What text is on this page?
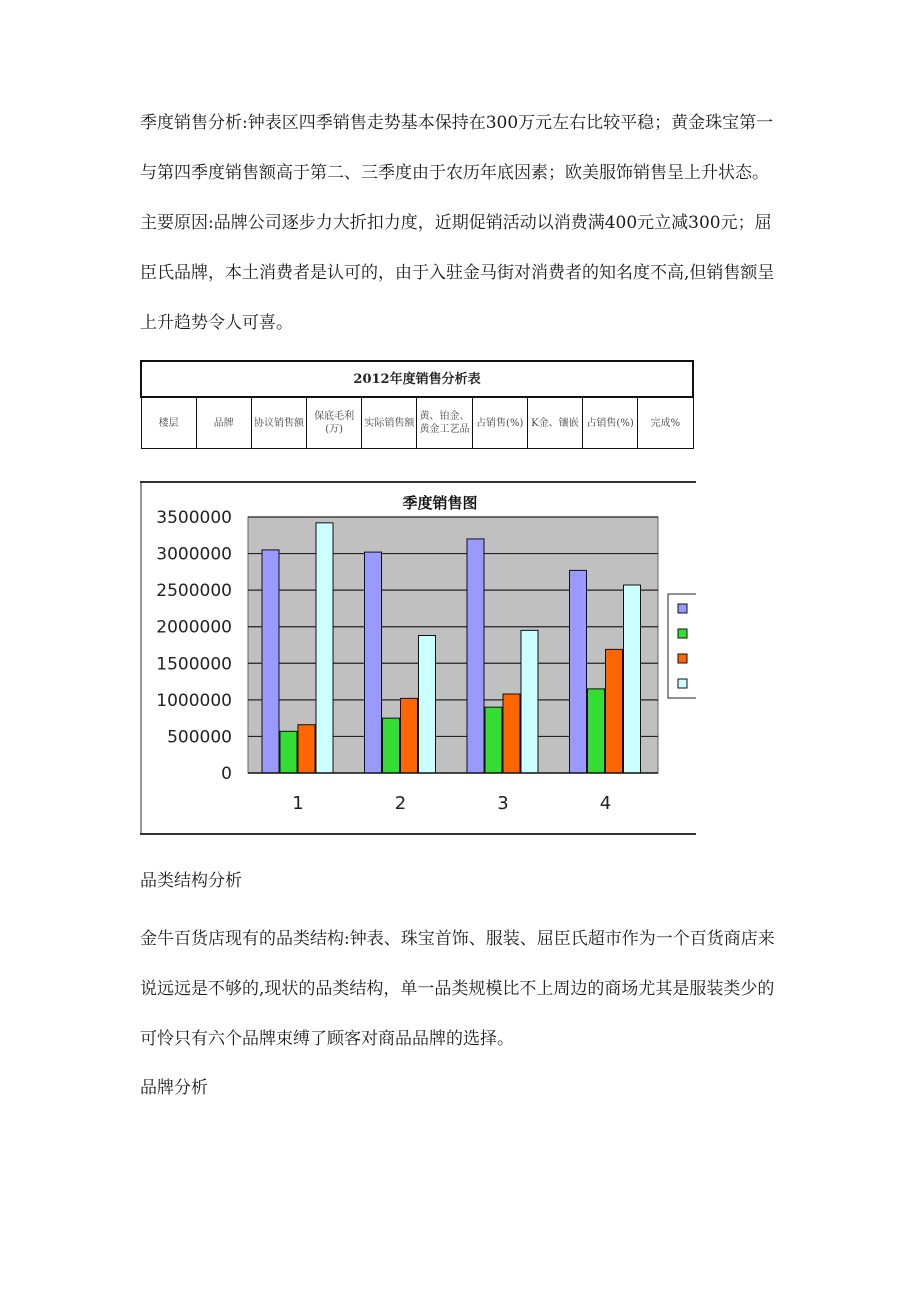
季度销售分析:钟表区四季销售走势基本保持在300万元左右比较平稳；黄金珠宝第一与第四季度销售额高于第二、三季度由于农历年底因素；欧美服饰销售呈上升状态。主要原因:品牌公司逐步力大折扣力度，近期促销活动以消费满400元立减300元；屈臣氏品牌，本土消费者是认可的，由于入驻金马街对消费者的知名度不高,但销售额呈上升趋势令人可喜。

2012年度销售分析表
楼层	品牌	协议销售额	保底毛利(万)	实际销售额	黄、铂金、黄金工艺品	占销售(%)	K金、镶嵌	占销售(%)	完成%
季度销售图
3500000
3000000
2500000
2000000
1500000
1000000
500000
0
1	2	3	4

品类结构分析

金牛百货店现有的品类结构:钟表、珠宝首饰、服装、屈臣氏超市作为一个百货商店来说远远是不够的,现状的品类结构，单一品类规模比不上周边的商场尤其是服装类少的可怜只有六个品牌束缚了顾客对商品品牌的选择。

品牌分析
